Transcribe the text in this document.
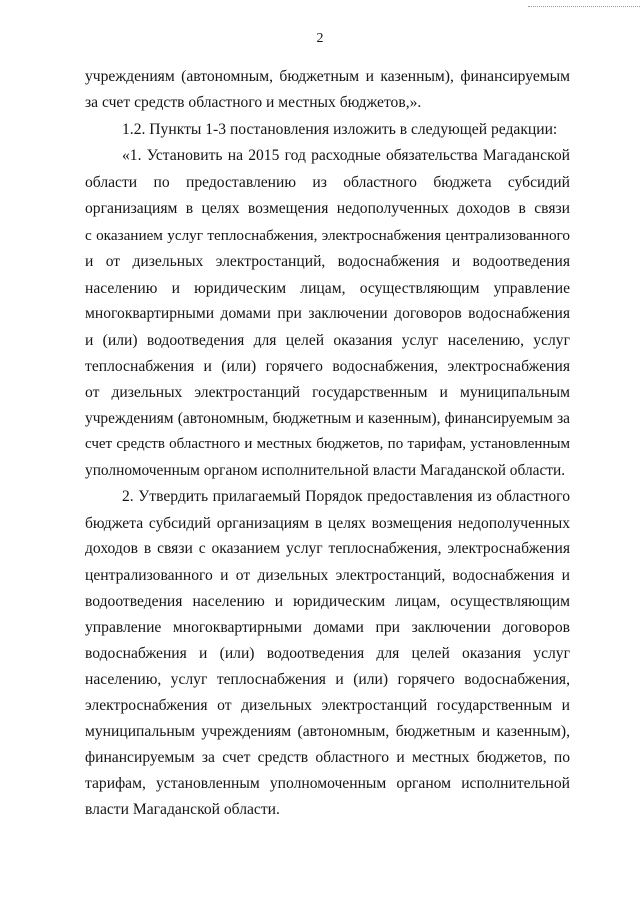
2
учреждениям (автономным, бюджетным и казенным), финансируемым
за счет средств областного и местных бюджетов,».
1.2. Пункты 1-3 постановления изложить в следующей редакции:
«1. Установить на 2015 год расходные обязательства Магаданской
области по предоставлению из областного бюджета субсидий
организациям в целях возмещения недополученных доходов в связи
с оказанием услуг теплоснабжения, электроснабжения централизованного
и от дизельных электростанций, водоснабжения и водоотведения
населению и юридическим лицам, осуществляющим управление
многоквартирными домами при заключении договоров водоснабжения
и (или) водоотведения для целей оказания услуг населению, услуг
теплоснабжения и (или) горячего водоснабжения, электроснабжения
от дизельных электростанций государственным и муниципальным
учреждениям (автономным, бюджетным и казенным), финансируемым за
счет средств областного и местных бюджетов, по тарифам, установленным
уполномоченным органом исполнительной власти Магаданской области.
2. Утвердить прилагаемый Порядок предоставления из областного
бюджета субсидий организациям в целях возмещения недополученных
доходов в связи с оказанием услуг теплоснабжения, электроснабжения
централизованного и от дизельных электростанций, водоснабжения и
водоотведения населению и юридическим лицам, осуществляющим
управление многоквартирными домами при заключении договоров
водоснабжения и (или) водоотведения для целей оказания услуг
населению, услуг теплоснабжения и (или) горячего водоснабжения,
электроснабжения от дизельных электростанций государственным и
муниципальным учреждениям (автономным, бюджетным и казенным),
финансируемым за счет средств областного и местных бюджетов, по
тарифам, установленным уполномоченным органом исполнительной
власти Магаданской области.
